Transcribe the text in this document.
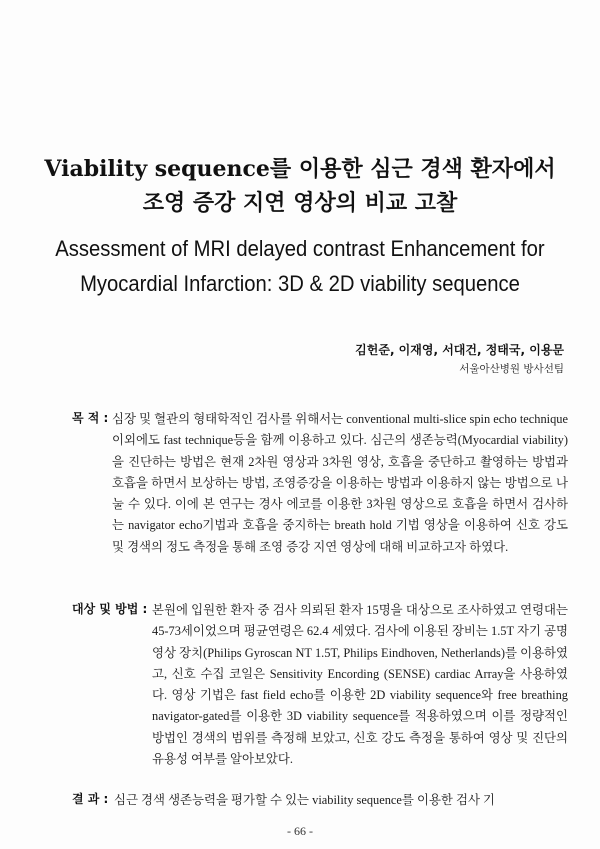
Viability sequence를 이용한 심근 경색 환자에서
조영 증강 지연 영상의 비교 고찰
Assessment of MRI delayed contrast Enhancement for
Myocardial Infarction: 3D & 2D viability sequence
김헌준, 이재영, 서대건, 정태국, 이용문
서울아산병원 방사선팀
목 적 : 심장 및 혈관의 형태학적인 검사를 위해서는 conventional multi-slice spin echo technique 이외에도 fast technique등을 함께 이용하고 있다. 심근의 생존능력(Myocardial viability)을 진단하는 방법은 현재 2차원 영상과 3차원 영상, 호흡을 중단하고 촬영하는 방법과 호흡을 하면서 보상하는 방법, 조영증강을 이용하는 방법과 이용하지 않는 방법으로 나눌 수 있다. 이에 본 연구는 경사 에코를 이용한 3차원 영상으로 호흡을 하면서 검사하는 navigator echo기법과 호흡을 중지하는 breath hold 기법 영상을 이용하여 신호 강도 및 경색의 정도 측정을 통해 조영 증강 지연 영상에 대해 비교하고자 하였다.
대상 및 방법 : 본원에 입원한 환자 중 검사 의뢰된 환자 15명을 대상으로 조사하였고 연령대는 45-73세이었으며 평균연령은 62.4 세였다. 검사에 이용된 장비는 1.5T 자기 공명 영상 장치(Philips Gyroscan NT 1.5T, Philips Eindhoven, Netherlands)를 이용하였고, 신호 수집 코일은 Sensitivity Encording (SENSE) cardiac Array을 사용하였다. 영상 기법은 fast field echo를 이용한 2D viability sequence와 free breathing navigator-gated를 이용한 3D viability sequence를 적용하였으며 이를 정량적인 방법인 경색의 범위를 측정해 보았고, 신호 강도 측정을 통하여 영상 및 진단의 유용성 여부를 알아보았다.
결 과 : 심근 경색 생존능력을 평가할 수 있는 viability sequence를 이용한 검사 기
- 66 -
